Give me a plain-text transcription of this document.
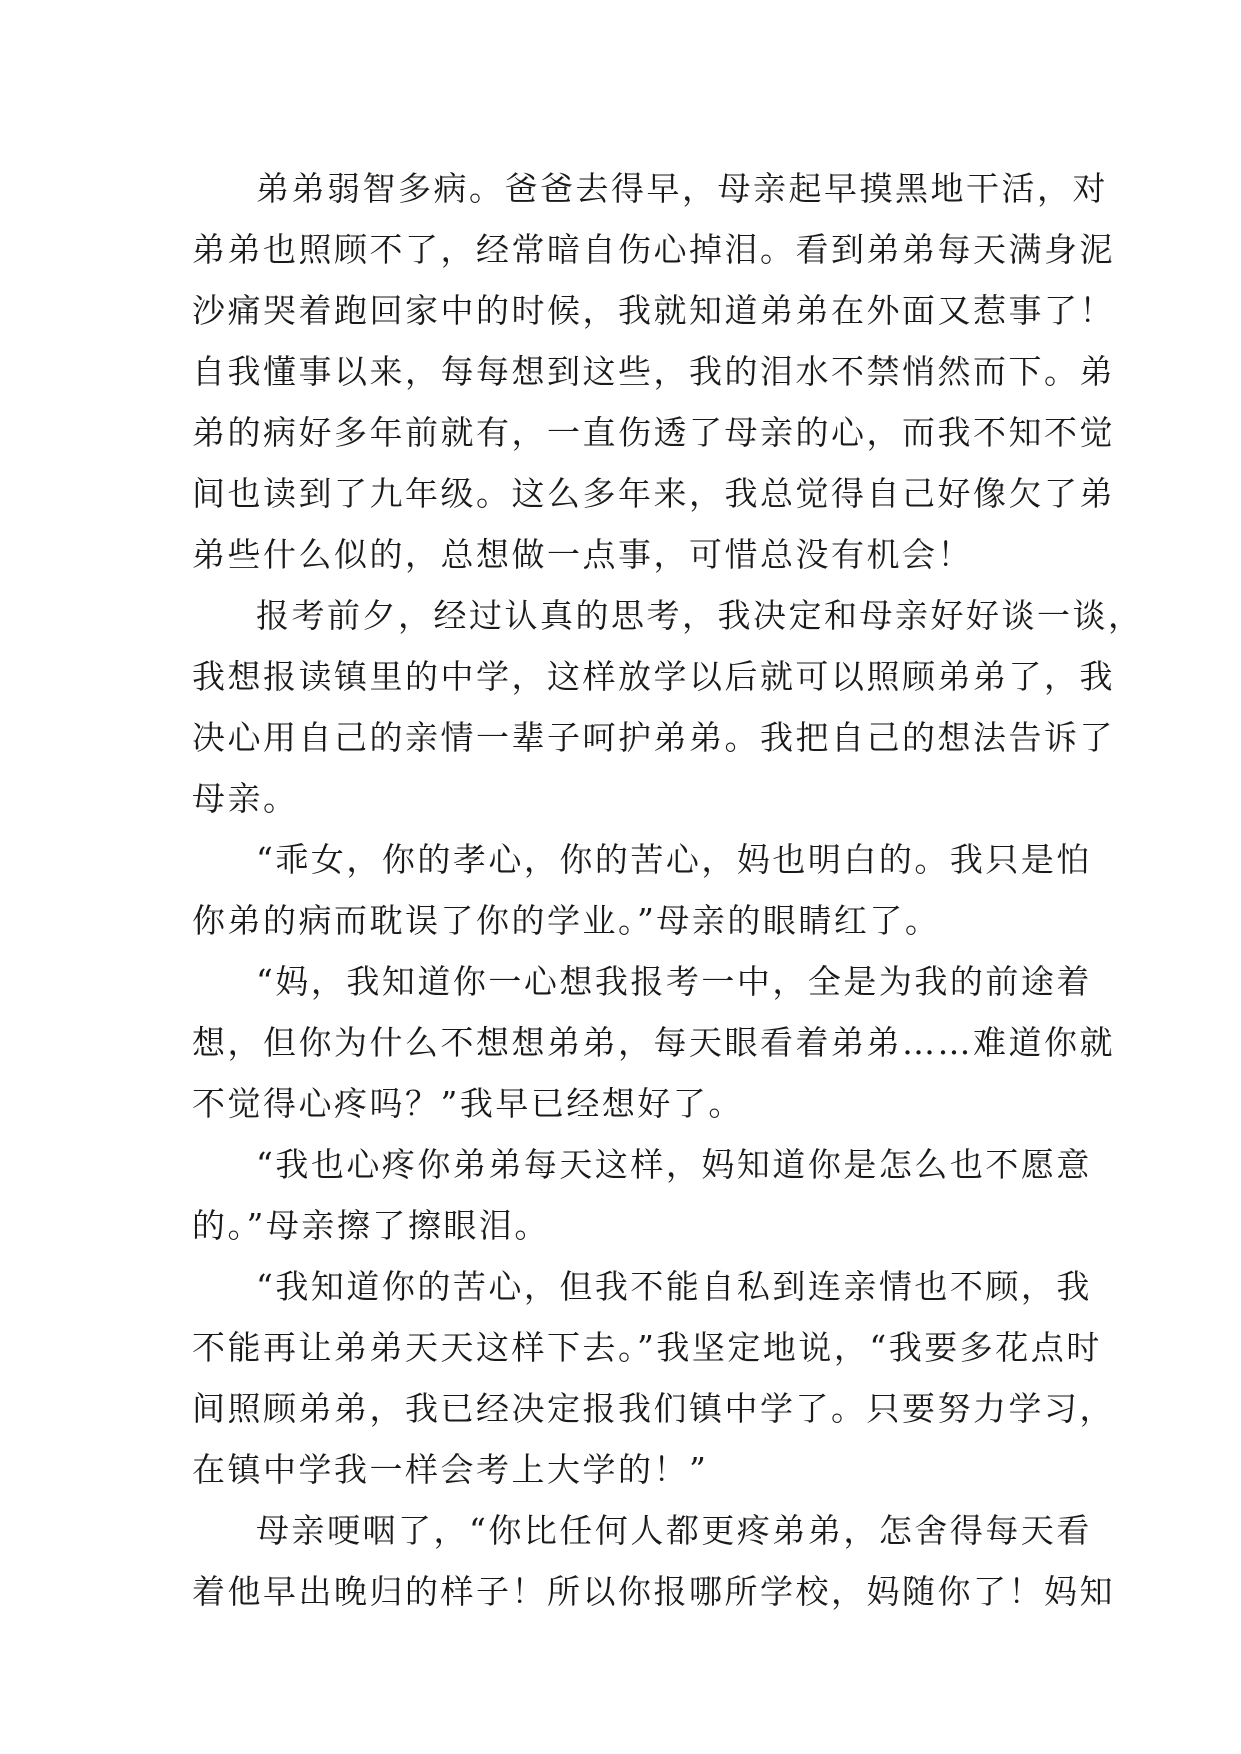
弟弟弱智多病。爸爸去得早，母亲起早摸黑地干活，对
弟弟也照顾不了，经常暗自伤心掉泪。看到弟弟每天满身泥
沙痛哭着跑回家中的时候，我就知道弟弟在外面又惹事了！
自我懂事以来，每每想到这些，我的泪水不禁悄然而下。弟
弟的病好多年前就有，一直伤透了母亲的心，而我不知不觉
间也读到了九年级。这么多年来，我总觉得自己好像欠了弟
弟些什么似的，总想做一点事，可惜总没有机会！
报考前夕，经过认真的思考，我决定和母亲好好谈一谈，
我想报读镇里的中学，这样放学以后就可以照顾弟弟了，我
决心用自己的亲情一辈子呵护弟弟。我把自己的想法告诉了
母亲。
“乖女，你的孝心，你的苦心，妈也明白的。我只是怕
你弟的病而耽误了你的学业。”母亲的眼睛红了。
“妈，我知道你一心想我报考一中，全是为我的前途着
想，但你为什么不想想弟弟，每天眼看着弟弟……难道你就
不觉得心疼吗？”我早已经想好了。
“我也心疼你弟弟每天这样，妈知道你是怎么也不愿意
的。”母亲擦了擦眼泪。
“我知道你的苦心，但我不能自私到连亲情也不顾，我
不能再让弟弟天天这样下去。”我坚定地说，“我要多花点时
间照顾弟弟，我已经决定报我们镇中学了。只要努力学习，
在镇中学我一样会考上大学的！”
母亲哽咽了，“你比任何人都更疼弟弟，怎舍得每天看
着他早出晚归的样子！所以你报哪所学校，妈随你了！妈知
